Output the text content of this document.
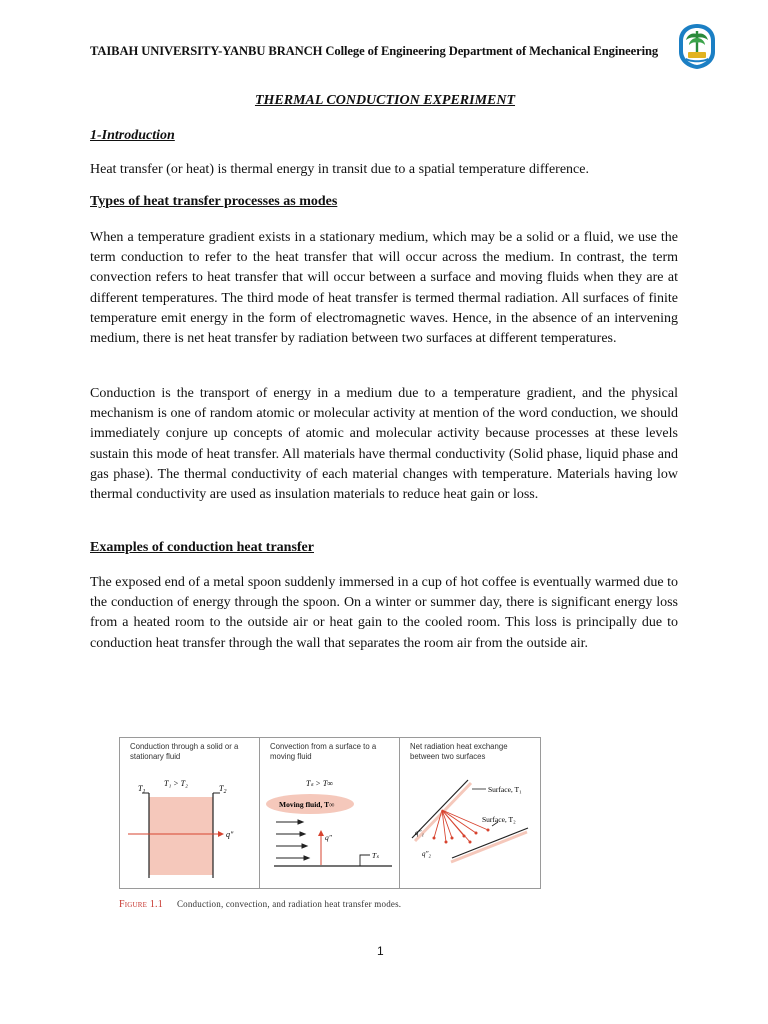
TAIBAH UNIVERSITY-YANBU BRANCH College of Engineering Department of Mechanical Engineering
THERMAL CONDUCTION EXPERIMENT
1-Introduction
Heat transfer (or heat) is thermal energy in transit due to a spatial temperature difference.
Types of heat transfer processes as modes
When a temperature gradient exists in a stationary medium, which may be a solid or a fluid, we use the term conduction to refer to the heat transfer that will occur across the medium. In contrast, the term convection refers to heat transfer that will occur between a surface and moving fluids when they are at different temperatures. The third mode of heat transfer is termed thermal radiation. All surfaces of finite temperature emit energy in the form of electromagnetic waves. Hence, in the absence of an intervening medium, there is net heat transfer by radiation between two surfaces at different temperatures.
Conduction is the transport of energy in a medium due to a temperature gradient, and the physical mechanism is one of random atomic or molecular activity at mention of the word conduction, we should immediately conjure up concepts of atomic and molecular activity because processes at these levels sustain this mode of heat transfer. All materials have thermal conductivity (Solid phase, liquid phase and gas phase). The thermal conductivity of each material changes with temperature. Materials having low thermal conductivity are used as insulation materials to reduce heat gain or loss.
Examples of conduction heat transfer
The exposed end of a metal spoon suddenly immersed in a cup of hot coffee is eventually warmed due to the conduction of energy through the spoon. On a winter or summer day, there is significant energy loss from a heated room to the outside air or heat gain to the cooled room. This loss is principally due to conduction heat transfer through the wall that separates the room air from the outside air.
Conduction through a solid or a stationary fluid
$T_1$
T₁ > T₂
$T_2$
q"
Convection from a surface to a moving fluid
Tₛ > T∞
Moving fluid, T∞
q"
Tₛ
Net radiation heat exchange between two surfaces
Surface, T₁
Surface, T₂
q"₁
q"₂
Figure 1.1 Conduction, convection, and radiation heat transfer modes.
1
